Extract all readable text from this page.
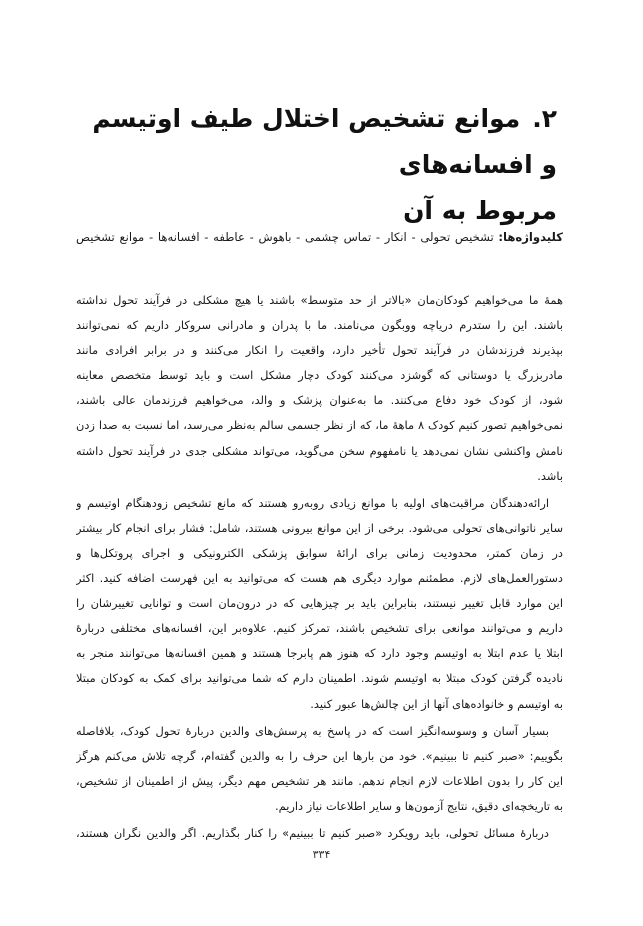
۲.موانع تشخیص اختلال طیف اوتیسم و افسانه‌های
مربوط به آن
کلیدواژه‌ها: تشخیص تحولی - انکار - تماس چشمی - باهوش - عاطفه - افسانه‌ها - موانع تشخیص
همهٔ ما می‌خواهیم کودکان‌مان «بالاتر از حد متوسط» باشند یا هیچ مشکلی در فرآیند تحول نداشته
باشند. این را ستدرم دریاچه ووبگون می‌نامند. ما با پدران و مادرانی سروکار داریم که نمی‌توانند
بپذیرند فرزندشان در فرآیند تحول تأخیر دارد، واقعیت را انکار می‌کنند و در برابر افرادی مانند
مادربزرگ یا دوستانی که گوشزد می‌کنند کودک دچار مشکل است و باید توسط متخصص معاینه
شود، از کودک خود دفاع می‌کنند. ما به‌عنوان پزشک و والد، می‌خواهیم فرزندمان عالی باشند،
نمی‌خواهیم تصور کنیم کودک ۸ ماههٔ ما، که از نظر جسمی سالم به‌نظر می‌رسد، اما نسبت به صدا زدن
نامش واکنشی نشان نمی‌دهد یا نامفهوم سخن می‌گوید، می‌تواند مشکلی جدی در فرآیند تحول داشته
باشد.
ارائه‌دهندگان مراقبت‌های اولیه با موانع زیادی روبه‌رو هستند که مانع تشخیص زودهنگام اوتیسم و
سایر ناتوانی‌های تحولی می‌شود. برخی از این موانع بیرونی هستند، شامل: فشار برای انجام کار بیشتر
در زمان کمتر، محدودیت زمانی برای ارائهٔ سوابق پزشکی الکترونیکی و اجرای پروتکل‌ها و
دستورالعمل‌های لازم. مطمئنم موارد دیگری هم هست که می‌توانید به این فهرست اضافه کنید. اکثر
این موارد قابل تغییر نیستند، بنابراین باید بر چیزهایی که در درون‌مان است و توانایی تغییرشان را
داریم و می‌توانند موانعی برای تشخیص باشند، تمرکز کنیم. علاوه‌بر این، افسانه‌های مختلفی دربارهٔ
ابتلا یا عدم ابتلا به اوتیسم وجود دارد که هنوز هم پابرجا هستند و همین افسانه‌ها می‌توانند منجر به
نادیده گرفتن کودک مبتلا به اوتیسم شوند. اطمینان دارم که شما می‌توانید برای کمک به کودکان مبتلا
به اوتیسم و خانواده‌های آنها از این چالش‌ها عبور کنید.
بسیار آسان و وسوسه‌انگیز است که در پاسخ به پرسش‌های والدین دربارهٔ تحول کودک، بلافاصله
بگوییم: «صبر کنیم تا ببینیم». خود من بارها این حرف را به والدین گفته‌ام، گرچه تلاش می‌کنم هرگز
این کار را بدون اطلاعات لازم انجام ندهم. مانند هر تشخیص مهم دیگر، پیش از اطمینان از تشخیص،
به تاریخچه‌ای دقیق، نتایج آزمون‌ها و سایر اطلاعات نیاز داریم.
دربارهٔ مسائل تحولی، باید رویکرد «صبر کنیم تا ببینیم» را کنار بگذاریم. اگر والدین نگران هستند،
۳۳۴
